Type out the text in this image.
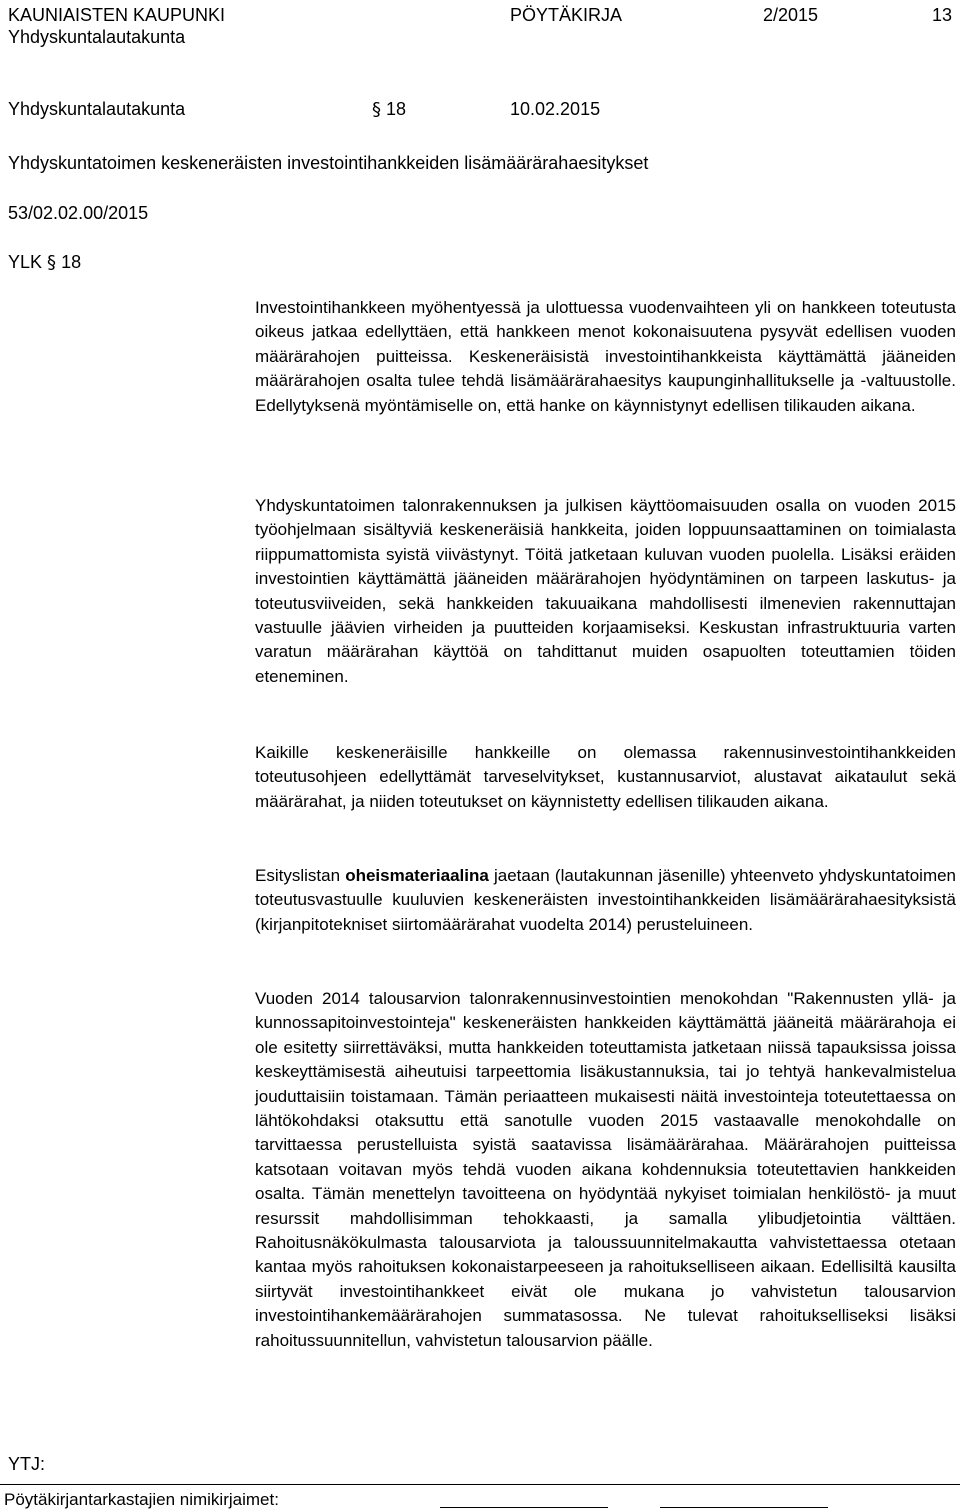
KAUNIAISTEN KAUPUNKI
Yhdyskuntalautakunta
PÖYTÄKIRJA	2/2015	13
Yhdyskuntalautakunta	§ 18	10.02.2015
Yhdyskuntatoimen keskeneräisten investointihankkeiden lisämäärärahaesitykset
53/02.02.00/2015
YLK § 18

Investointihankkeen myöhentyessä ja ulottuessa vuodenvaihteen yli on hankkeen toteutusta oikeus jatkaa edellyttäen, että hankkeen menot kokonaisuutena pysyvät edellisen vuoden määrärahojen puitteissa. Keskeneräisistä investointihankkeista käyttämättä jääneiden määrärahojen osalta tulee tehdä lisämäärärahaesitys kaupunginhallitukselle ja -valtuustolle. Edellytyksenä myöntämiselle on, että hanke on käynnistynyt edellisen tilikauden aikana.

Yhdyskuntatoimen talonrakennuksen ja julkisen käyttöomaisuuden osalla on vuoden 2015 työohjelmaan sisältyviä keskeneräisiä hankkeita, joiden loppuunsaattaminen on toimialasta riippumattomista syistä viivästynyt. Töitä jatketaan kuluvan vuoden puolella. Lisäksi eräiden investointien käyttämättä jääneiden määrärahojen hyödyntäminen on tarpeen laskutus- ja toteutusviiveiden, sekä hankkeiden takuuaikana mahdollisesti ilmenevien rakennuttajan vastuulle jäävien virheiden ja puutteiden korjaamiseksi. Keskustan infrastruktuuria varten varatun määrärahan käyttöä on tahdittanut muiden osapuolten toteuttamien töiden eteneminen.

Kaikille keskeneräisille hankkeille on olemassa rakennusinvestointihankkeiden toteutusohjeen edellyttämät tarveselvitykset, kustannusarviot, alustavat aikataulut sekä määrärahat, ja niiden toteutukset on käynnistetty edellisen tilikauden aikana.

Esityslistan oheismateriaalina jaetaan (lautakunnan jäsenille) yhteenveto yhdyskuntatoimen toteutusvastuulle kuuluvien keskeneräisten investointihankkeiden lisämäärärahaesityksistä (kirjanpitotekniset siirtomäärärahat vuodelta 2014) perusteluineen.

Vuoden 2014 talousarvion talonrakennusinvestointien menokohdan "Rakennusten yllä- ja kunnossapitoinvestointeja" keskeneräisten hankkeiden käyttämättä jääneitä määrärahoja ei ole esitetty siirrettäväksi, mutta hankkeiden toteuttamista jatketaan niissä tapauksissa joissa keskeyttämisestä aiheutuisi tarpeettomia lisäkustannuksia, tai jo tehtyä hankevalmistelua jouduttaisiin toistamaan. Tämän periaatteen mukaisesti näitä investointeja toteutettaessa on lähtökohdaksi otaksuttu että sanotulle vuoden 2015 vastaavalle menokohdalle on tarvittaessa perustelluista syistä saatavissa lisämäärärahaa. Määrärahojen puitteissa katsotaan voitavan myös tehdä vuoden aikana kohdennuksia toteutettavien hankkeiden osalta. Tämän menettelyn tavoitteena on hyödyntää nykyiset toimialan henkilöstö- ja muut resurssit mahdollisimman tehokkaasti, ja samalla ylibudjetointia välttäen. Rahoitusnäkökulmasta talousarviota ja taloussuunnitelmakautta vahvistettaessa otetaan kantaa myös rahoituksen kokonaistarpeeseen ja rahoitukselliseen aikaan. Edellisiltä kausilta siirtyvät investointihankkeet eivät ole mukana jo vahvistetun talousarvion investointihankemäärärahojen summatasossa. Ne tulevat rahoitukselliseksi lisäksi rahoitussuunnitellun, vahvistetun talousarvion päälle.

YTJ:
Pöytäkirjantarkastajien nimikirjaimet:
